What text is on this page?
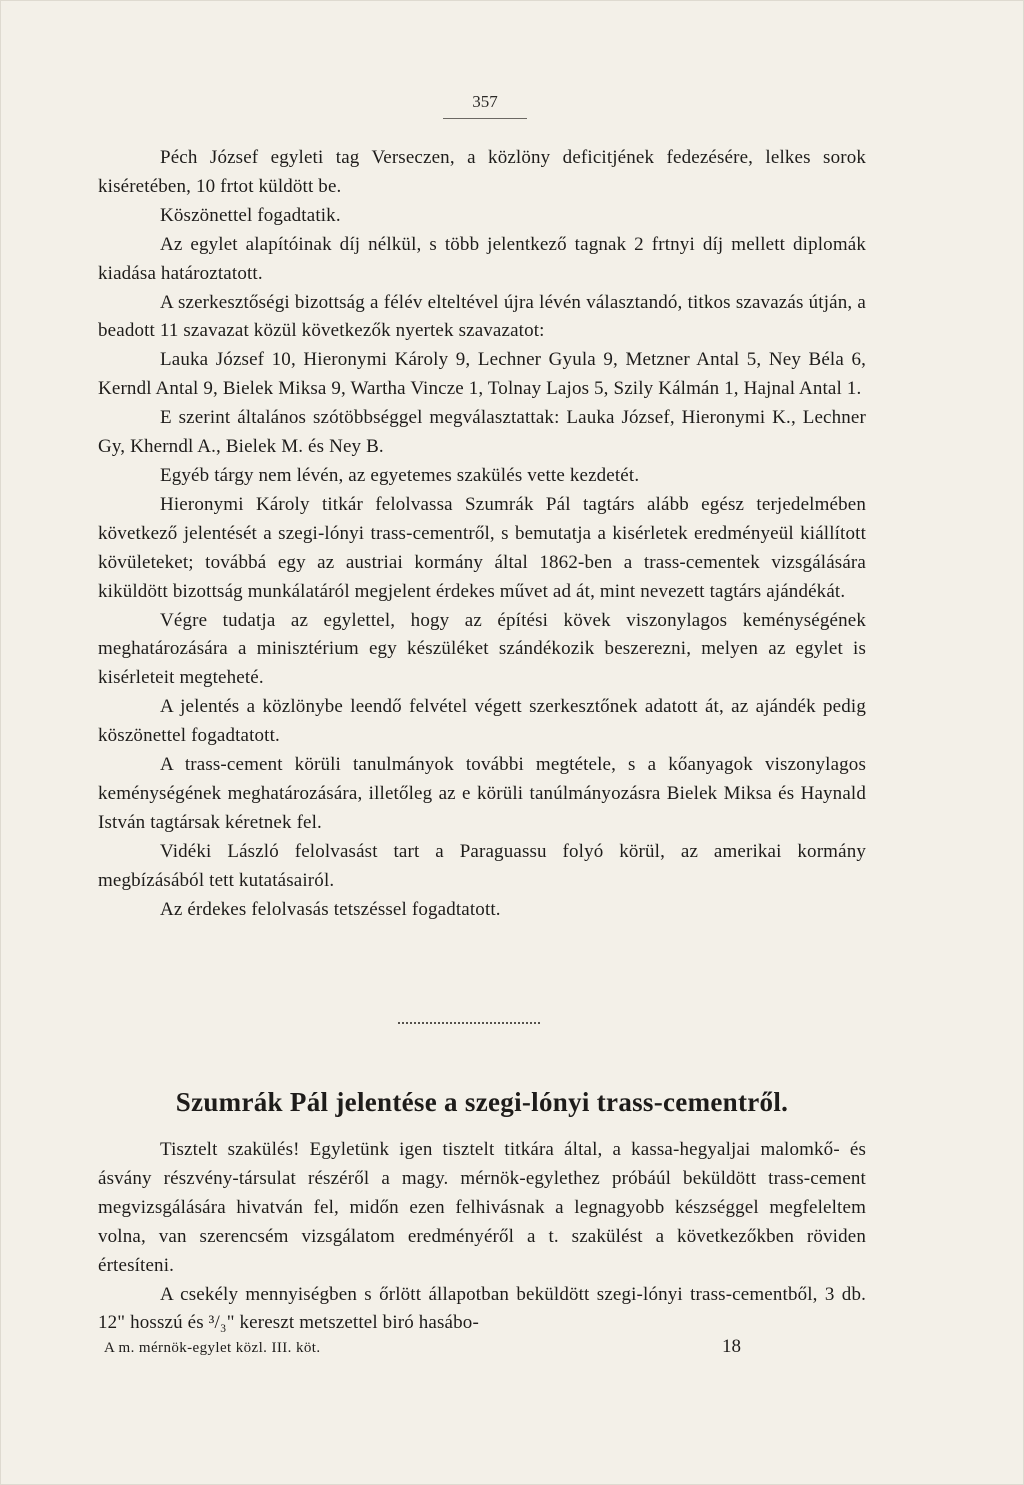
357

Péch József egyleti tag Verseczen, a közlöny deficitjének fedezésére, lelkes sorok kiséretében, 10 frtot küldött be.

Köszönettel fogadtatik.

Az egylet alapítóinak díj nélkül, s több jelentkező tagnak 2 frtnyi díj mellett diplomák kiadása határoztatott.

A szerkesztőségi bizottság a félév elteltével újra lévén választandó, titkos szavazás útján, a beadott 11 szavazat közül következők nyertek szavazatot:

Lauka József 10, Hieronymi Károly 9, Lechner Gyula 9, Metzner Antal 5, Ney Béla 6, Kerndl Antal 9, Bielek Miksa 9, Wartha Vincze 1, Tolnay Lajos 5, Szily Kálmán 1, Hajnal Antal 1.

E szerint általános szótöbbséggel megválasztattak: Lauka József, Hieronymi K., Lechner Gy, Kherndl A., Bielek M. és Ney B.

Egyéb tárgy nem lévén, az egyetemes szakülés vette kezdetét.

Hieronymi Károly titkár felolvassa Szumrák Pál tagtárs alább egész terjedelmében következő jelentését a szegi-lónyi trass-cementről, s bemutatja a kisérletek eredményeül kiállított kövületeket; továbbá egy az austriai kormány által 1862-ben a trass-cementek vizsgálására kiküldött bizottság munkálatáról megjelent érdekes művet ad át, mint nevezett tagtárs ajándékát.

Végre tudatja az egylettel, hogy az építési kövek viszonylagos keménységének meghatározására a minisztérium egy készüléket szándékozik beszerezni, melyen az egylet is kisérleteit megteheté.

A jelentés a közlönybe leendő felvétel végett szerkesztőnek adatott át, az ajándék pedig köszönettel fogadtatott.

A trass-cement körüli tanulmányok további megtétele, s a kőanyagok viszonylagos keménységének meghatározására, illetőleg az e körüli tanúlmányozásra Bielek Miksa és Haynald István tagtársak kéretnek fel.

Vidéki László felolvasást tart a Paraguassu folyó körül, az amerikai kormány megbízásából tett kutatásairól.

Az érdekes felolvasás tetszéssel fogadtatott.

Szumrák Pál jelentése a szegi-lónyi trass-cementről.

Tisztelt szakülés! Egyletünk igen tisztelt titkára által, a kassa-hegyaljai malomkő- és ásvány részvény-társulat részéről a magy. mérnök-egylethez próbáúl beküldött trass-cement megvizsgálására hivatván fel, midőn ezen felhivásnak a legnagyobb készséggel megfeleltem volna, van szerencsém vizsgálatom eredményéről a t. szakülést a következőkben röviden értesíteni.

A csekély mennyiségben s őrlött állapotban beküldött szegi-lónyi trass-cementből, 3 db. 12" hosszú és ³/₃" kereszt metszettel biró hasábo-

A m. mérnök-egylet közl. III. köt.	18
